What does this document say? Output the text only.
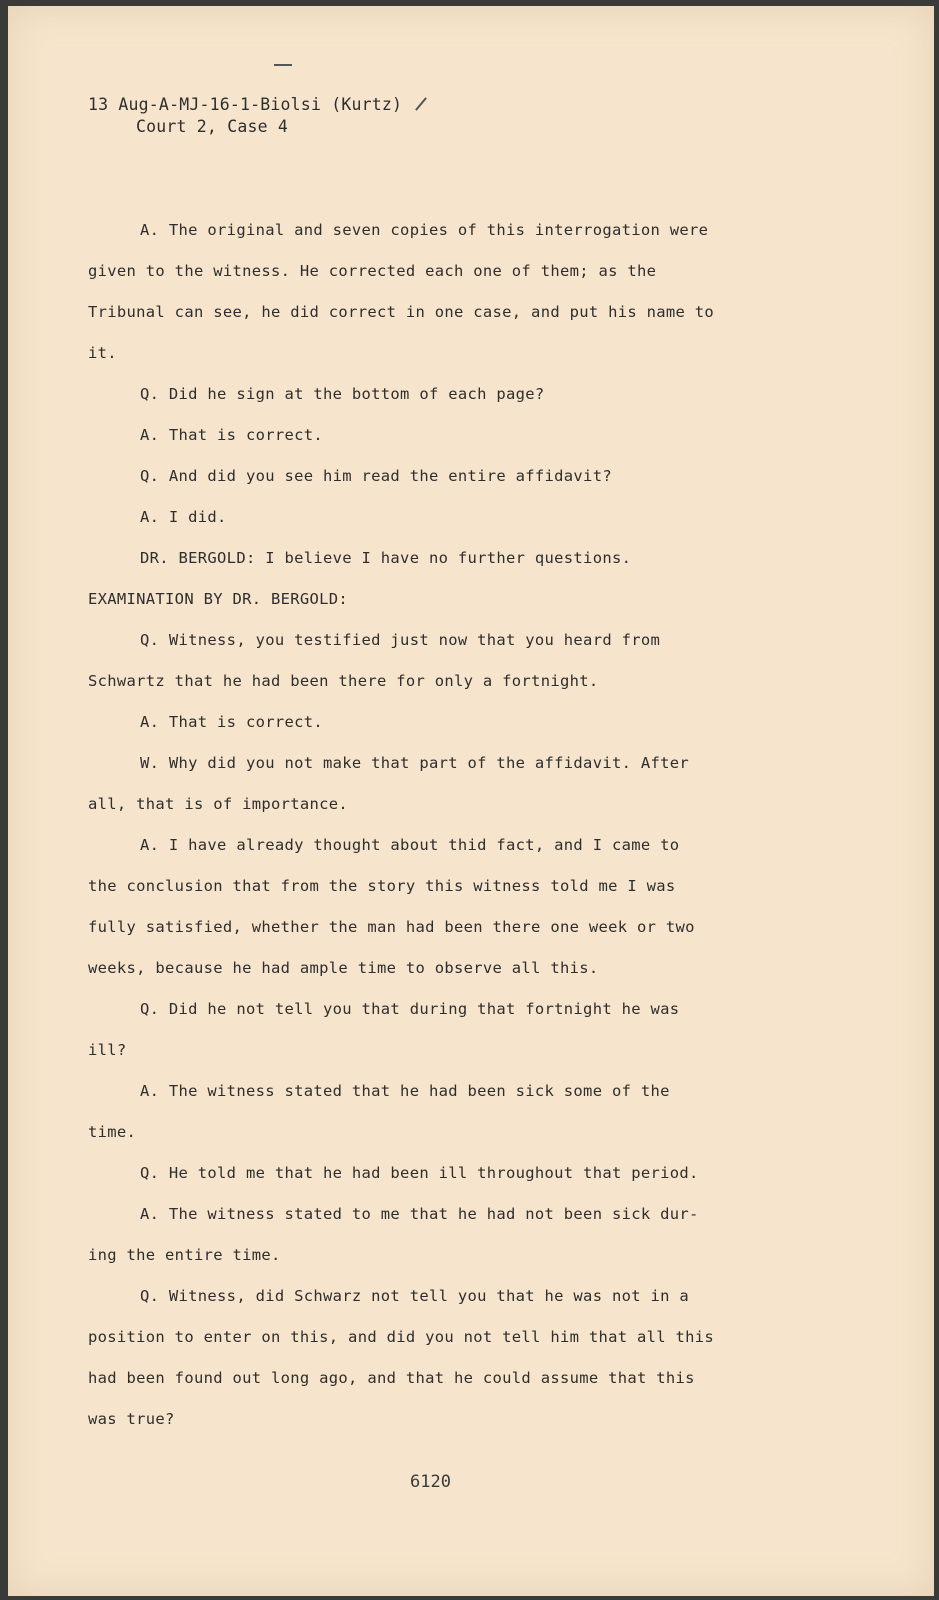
13 Aug-A-MJ-16-1-Biolsi (Kurtz)
Court 2, Case 4
A. The original and seven copies of this interrogation were
given to the witness. He corrected each one of them; as the
Tribunal can see, he did correct in one case, and put his name to
it.
Q. Did he sign at the bottom of each page?
A. That is correct.
Q. And did you see him read the entire affidavit?
A. I did.
DR. BERGOLD: I believe I have no further questions.
EXAMINATION BY DR. BERGOLD:
Q. Witness, you testified just now that you heard from
Schwartz that he had been there for only a fortnight.
A. That is correct.
W. Why did you not make that part of the affidavit. After
all, that is of importance.
A. I have already thought about thid fact, and I came to
the conclusion that from the story this witness told me I was
fully satisfied, whether the man had been there one week or two
weeks, because he had ample time to observe all this.
Q. Did he not tell you that during that fortnight he was
ill?
A. The witness stated that he had been sick some of the
time.
Q. He told me that he had been ill throughout that period.
A. The witness stated to me that he had not been sick dur-
ing the entire time.
Q. Witness, did Schwarz not tell you that he was not in a
position to enter on this, and did you not tell him that all this
had been found out long ago, and that he could assume that this
was true?
6120
